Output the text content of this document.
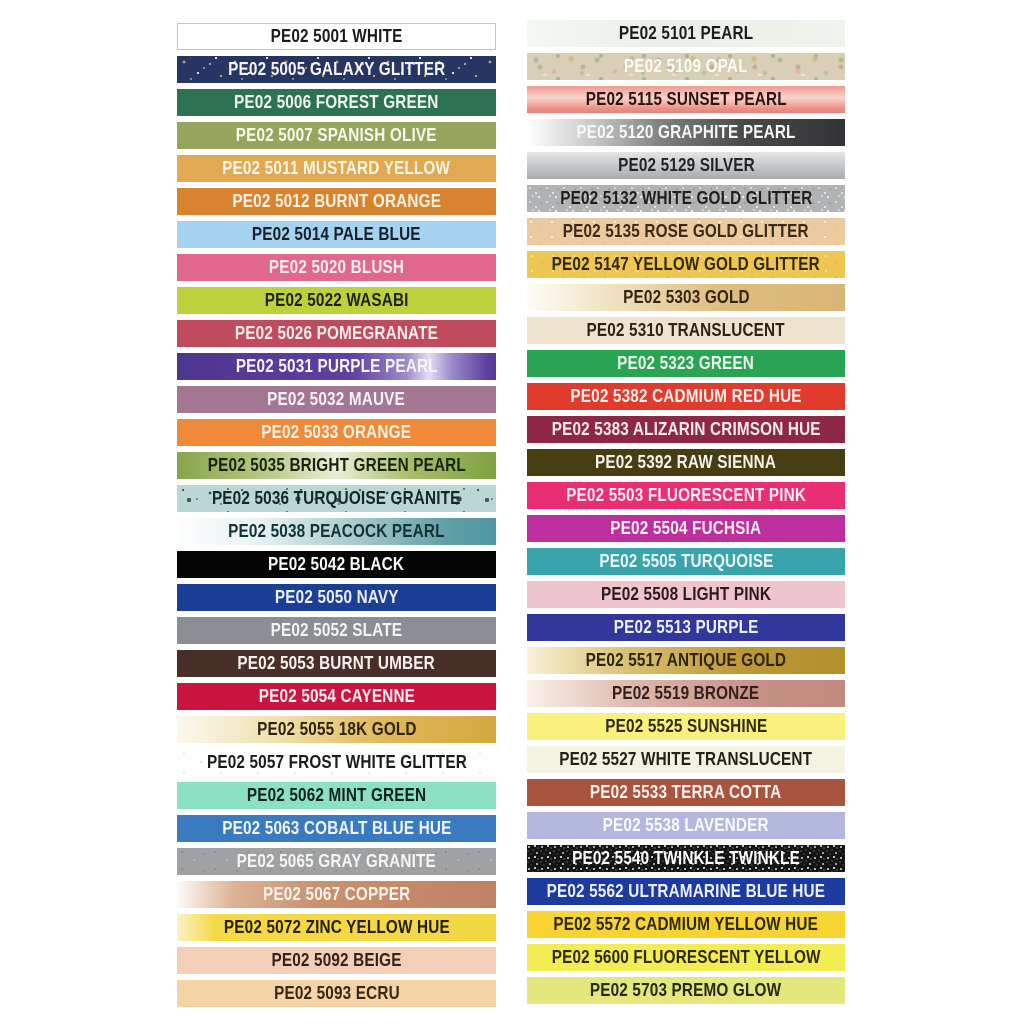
PE02 5001 WHITE
PE02 5005 GALAXY GLITTER
PE02 5006 FOREST GREEN
PE02 5007 SPANISH OLIVE
PE02 5011 MUSTARD YELLOW
PE02 5012 BURNT ORANGE
PE02 5014 PALE BLUE
PE02 5020 BLUSH
PE02 5022 WASABI
PE02 5026 POMEGRANATE
PE02 5031 PURPLE PEARL
PE02 5032 MAUVE
PE02 5033 ORANGE
PE02 5035 BRIGHT GREEN PEARL
PE02 5036 TURQUOISE GRANITE
PE02 5038 PEACOCK PEARL
PE02 5042 BLACK
PE02 5050 NAVY
PE02 5052 SLATE
PE02 5053 BURNT UMBER
PE02 5054 CAYENNE
PE02 5055 18K GOLD
PE02 5057 FROST WHITE GLITTER
PE02 5062 MINT GREEN
PE02 5063 COBALT BLUE HUE
PE02 5065 GRAY GRANITE
PE02 5067 COPPER
PE02 5072 ZINC YELLOW HUE
PE02 5092 BEIGE
PE02 5093 ECRU
PE02 5101 PEARL
PE02 5109 OPAL
PE02 5115 SUNSET PEARL
PE02 5120 GRAPHITE PEARL
PE02 5129 SILVER
PE02 5132 WHITE GOLD GLITTER
PE02 5135 ROSE GOLD GLITTER
PE02 5147 YELLOW GOLD GLITTER
PE02 5303 GOLD
PE02 5310 TRANSLUCENT
PE02 5323 GREEN
PE02 5382 CADMIUM RED HUE
PE02 5383 ALIZARIN CRIMSON HUE
PE02 5392 RAW SIENNA
PE02 5503 FLUORESCENT PINK
PE02 5504 FUCHSIA
PE02 5505 TURQUOISE
PE02 5508 LIGHT PINK
PE02 5513 PURPLE
PE02 5517 ANTIQUE GOLD
PE02 5519 BRONZE
PE02 5525 SUNSHINE
PE02 5527 WHITE TRANSLUCENT
PE02 5533 TERRA COTTA
PE02 5538 LAVENDER
PE02 5540 TWINKLE TWINKLE
PE02 5562 ULTRAMARINE BLUE HUE
PE02 5572 CADMIUM YELLOW HUE
PE02 5600 FLUORESCENT YELLOW
PE02 5703 PREMO GLOW
